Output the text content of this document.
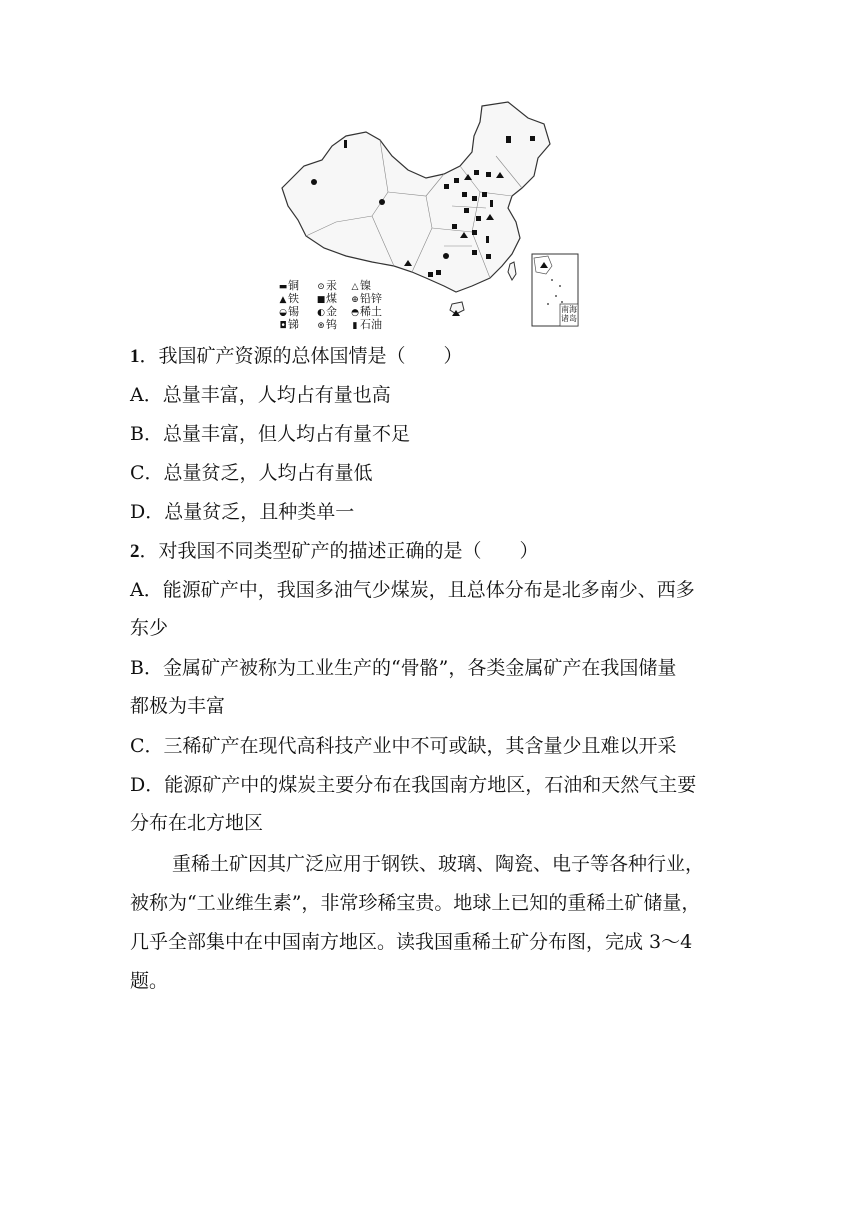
南海诸岛
▬铜 ⊙汞 △ 镍
▲ 铁 ■煤 ⊕铅锌
◒锡 ◐金 ◓稀土
◘锑 ⊚钨 ▮ 石油
1．我国矿产资源的总体国情是（　　）
A．总量丰富，人均占有量也高
B．总量丰富，但人均占有量不足
C．总量贫乏，人均占有量低
D．总量贫乏，且种类单一
2．对我国不同类型矿产的描述正确的是（　　）
A．能源矿产中，我国多油气少煤炭，且总体分布是北多南少、西多
东少
B．金属矿产被称为工业生产的“骨骼”，各类金属矿产在我国储量
都极为丰富
C．三稀矿产在现代高科技产业中不可或缺，其含量少且难以开采
D．能源矿产中的煤炭主要分布在我国南方地区，石油和天然气主要
分布在北方地区
重稀土矿因其广泛应用于钢铁、玻璃、陶瓷、电子等各种行业，
被称为“工业维生素”，非常珍稀宝贵。地球上已知的重稀土矿储量，
几乎全部集中在中国南方地区。读我国重稀土矿分布图，完成 3～4
题。
